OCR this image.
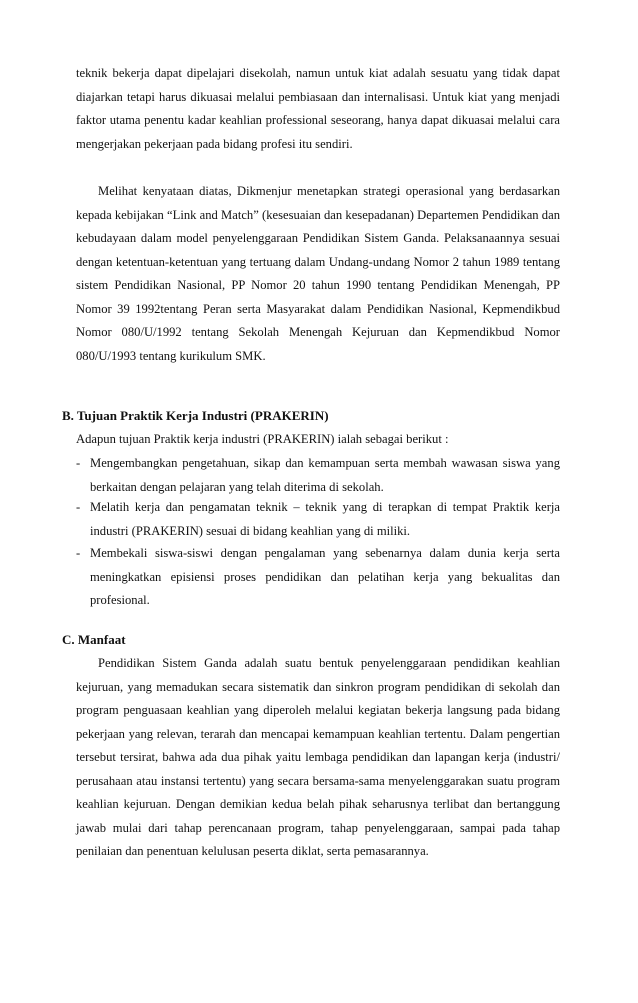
teknik bekerja dapat dipelajari disekolah, namun untuk kiat adalah sesuatu yang tidak dapat diajarkan tetapi harus dikuasai melalui pembiasaan dan internalisasi. Untuk kiat yang menjadi faktor utama penentu kadar keahlian professional seseorang, hanya dapat dikuasai melalui cara mengerjakan pekerjaan pada bidang profesi itu sendiri.

Melihat kenyataan diatas, Dikmenjur menetapkan strategi operasional yang berdasarkan kepada kebijakan “Link and Match” (kesesuaian dan kesepadanan) Departemen Pendidikan dan kebudayaan dalam model penyelenggaraan Pendidikan Sistem Ganda. Pelaksanaannya sesuai dengan ketentuan-ketentuan yang tertuang dalam Undang-undang Nomor 2 tahun 1989 tentang sistem Pendidikan Nasional, PP Nomor 20 tahun 1990 tentang Pendidikan Menengah, PP Nomor 39 1992tentang Peran serta Masyarakat dalam Pendidikan Nasional, Kepmendikbud Nomor 080/U/1992 tentang Sekolah Menengah Kejuruan dan Kepmendikbud Nomor 080/U/1993 tentang kurikulum SMK.

B. Tujuan Praktik Kerja Industri (PRAKERIN)

Adapun tujuan Praktik kerja industri (PRAKERIN) ialah sebagai berikut :

- Mengembangkan pengetahuan, sikap dan kemampuan serta membah wawasan siswa yang berkaitan dengan pelajaran yang telah diterima di sekolah.
- Melatih kerja dan pengamatan teknik – teknik yang di terapkan di tempat Praktik kerja industri (PRAKERIN) sesuai di bidang keahlian yang di miliki.
- Membekali siswa-siswi dengan pengalaman yang sebenarnya dalam dunia kerja serta meningkatkan episiensi proses pendidikan dan pelatihan kerja yang bekualitas dan profesional.
C. Manfaat

Pendidikan Sistem Ganda adalah suatu bentuk penyelenggaraan pendidikan keahlian kejuruan, yang memadukan secara sistematik dan sinkron program pendidikan di sekolah dan program penguasaan keahlian yang diperoleh melalui kegiatan bekerja langsung pada bidang pekerjaan yang relevan, terarah dan mencapai kemampuan keahlian tertentu. Dalam pengertian tersebut tersirat, bahwa ada dua pihak yaitu lembaga pendidikan dan lapangan kerja (industri/ perusahaan atau instansi tertentu) yang secara bersama-sama menyelenggarakan suatu program keahlian kejuruan. Dengan demikian kedua belah pihak seharusnya terlibat dan bertanggung jawab mulai dari tahap perencanaan program, tahap penyelenggaraan, sampai pada tahap penilaian dan penentuan kelulusan peserta diklat, serta pemasarannya.
